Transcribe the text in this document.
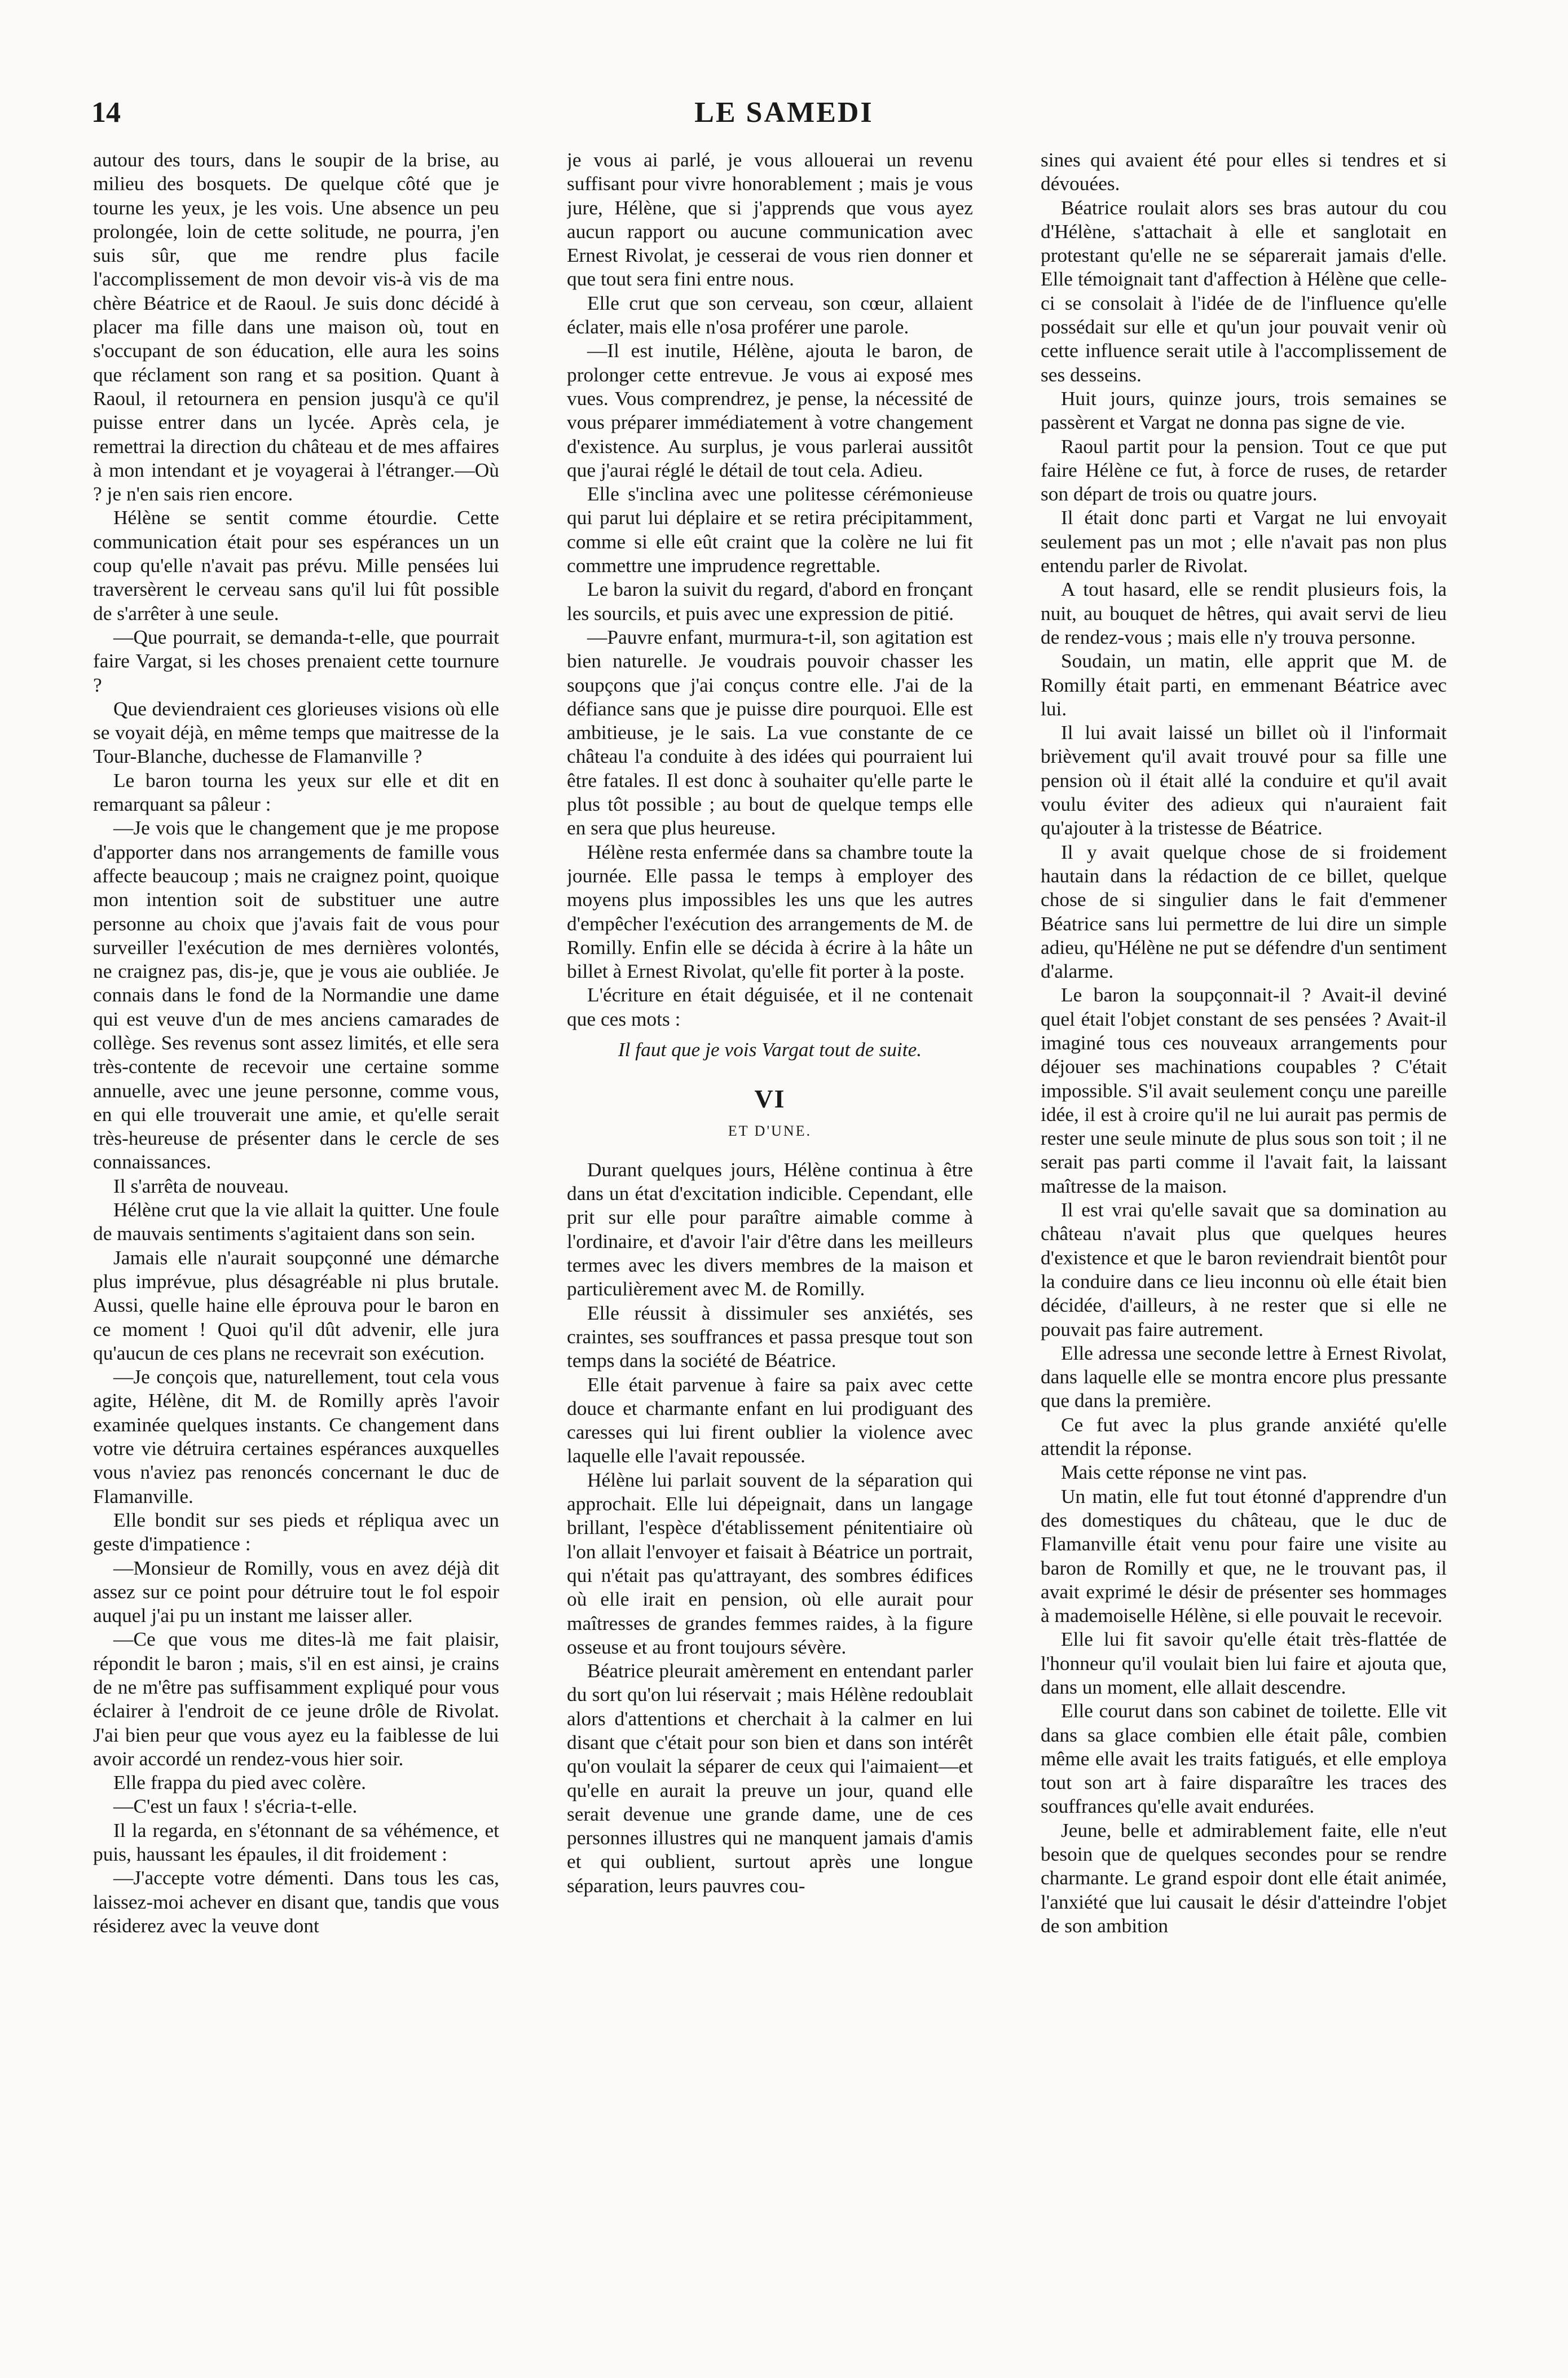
14	LE SAMEDI

autour des tours, dans le soupir de la brise, au milieu des bosquets. De quelque côté que je tourne les yeux, je les vois. Une absence un peu prolongée, loin de cette solitude, ne pourra, j'en suis sûr, que me rendre plus facile l'accomplissement de mon devoir vis-à vis de ma chère Béatrice et de Raoul. Je suis donc décidé à placer ma fille dans une maison où, tout en s'occupant de son éducation, elle aura les soins que réclament son rang et sa position. Quant à Raoul, il retournera en pension jusqu'à ce qu'il puisse entrer dans un lycée. Après cela, je remettrai la direction du château et de mes affaires à mon intendant et je voyagerai à l'étranger.—Où ? je n'en sais rien encore.

Hélène se sentit comme étourdie. Cette communication était pour ses espérances un un coup qu'elle n'avait pas prévu. Mille pensées lui traversèrent le cerveau sans qu'il lui fût possible de s'arrêter à une seule.

—Que pourrait, se demanda-t-elle, que pourrait faire Vargat, si les choses prenaient cette tournure ?

Que deviendraient ces glorieuses visions où elle se voyait déjà, en même temps que maitresse de la Tour-Blanche, duchesse de Flamanville ?

Le baron tourna les yeux sur elle et dit en remarquant sa pâleur :

—Je vois que le changement que je me propose d'apporter dans nos arrangements de famille vous affecte beaucoup ; mais ne craignez point, quoique mon intention soit de substituer une autre personne au choix que j'avais fait de vous pour surveiller l'exécution de mes dernières volontés, ne craignez pas, dis-je, que je vous aie oubliée. Je connais dans le fond de la Normandie une dame qui est veuve d'un de mes anciens camarades de collège. Ses revenus sont assez limités, et elle sera très-contente de recevoir une certaine somme annuelle, avec une jeune personne, comme vous, en qui elle trouverait une amie, et qu'elle serait très-heureuse de présenter dans le cercle de ses connaissances.

Il s'arrêta de nouveau.

Hélène crut que la vie allait la quitter. Une foule de mauvais sentiments s'agitaient dans son sein.

Jamais elle n'aurait soupçonné une démarche plus imprévue, plus désagréable ni plus brutale. Aussi, quelle haine elle éprouva pour le baron en ce moment ! Quoi qu'il dût advenir, elle jura qu'aucun de ces plans ne recevrait son exécution.

—Je conçois que, naturellement, tout cela vous agite, Hélène, dit M. de Romilly après l'avoir examinée quelques instants. Ce changement dans votre vie détruira certaines espérances auxquelles vous n'aviez pas renoncés concernant le duc de Flamanville.

Elle bondit sur ses pieds et répliqua avec un geste d'impatience :

—Monsieur de Romilly, vous en avez déjà dit assez sur ce point pour détruire tout le fol espoir auquel j'ai pu un instant me laisser aller.

—Ce que vous me dites-là me fait plaisir, répondit le baron ; mais, s'il en est ainsi, je crains de ne m'être pas suffisamment expliqué pour vous éclairer à l'endroit de ce jeune drôle de Rivolat. J'ai bien peur que vous ayez eu la faiblesse de lui avoir accordé un rendez-vous hier soir.

Elle frappa du pied avec colère.

—C'est un faux ! s'écria-t-elle.

Il la regarda, en s'étonnant de sa véhémence, et puis, haussant les épaules, il dit froidement :

—J'accepte votre démenti. Dans tous les cas, laissez-moi achever en disant que, tandis que vous résiderez avec la veuve dont

je vous ai parlé, je vous allouerai un revenu suffisant pour vivre honorablement ; mais je vous jure, Hélène, que si j'apprends que vous ayez aucun rapport ou aucune communication avec Ernest Rivolat, je cesserai de vous rien donner et que tout sera fini entre nous.

Elle crut que son cerveau, son cœur, allaient éclater, mais elle n'osa proférer une parole.

—Il est inutile, Hélène, ajouta le baron, de prolonger cette entrevue. Je vous ai exposé mes vues. Vous comprendrez, je pense, la nécessité de vous préparer immédiatement à votre changement d'existence. Au surplus, je vous parlerai aussitôt que j'aurai réglé le détail de tout cela. Adieu.

Elle s'inclina avec une politesse cérémonieuse qui parut lui déplaire et se retira précipitamment, comme si elle eût craint que la colère ne lui fit commettre une imprudence regrettable.

Le baron la suivit du regard, d'abord en fronçant les sourcils, et puis avec une expression de pitié.

—Pauvre enfant, murmura-t-il, son agitation est bien naturelle. Je voudrais pouvoir chasser les soupçons que j'ai conçus contre elle. J'ai de la défiance sans que je puisse dire pourquoi. Elle est ambitieuse, je le sais. La vue constante de ce château l'a conduite à des idées qui pourraient lui être fatales. Il est donc à souhaiter qu'elle parte le plus tôt possible ; au bout de quelque temps elle en sera que plus heureuse.

Hélène resta enfermée dans sa chambre toute la journée. Elle passa le temps à employer des moyens plus impossibles les uns que les autres d'empêcher l'exécution des arrangements de M. de Romilly. Enfin elle se décida à écrire à la hâte un billet à Ernest Rivolat, qu'elle fit porter à la poste.

L'écriture en était déguisée, et il ne contenait que ces mots :

Il faut que je vois Vargat tout de suite.

VI
ET D'UNE.

Durant quelques jours, Hélène continua à être dans un état d'excitation indicible. Cependant, elle prit sur elle pour paraître aimable comme à l'ordinaire, et d'avoir l'air d'être dans les meilleurs termes avec les divers membres de la maison et particulièrement avec M. de Romilly.

Elle réussit à dissimuler ses anxiétés, ses craintes, ses souffrances et passa presque tout son temps dans la société de Béatrice.

Elle était parvenue à faire sa paix avec cette douce et charmante enfant en lui prodiguant des caresses qui lui firent oublier la violence avec laquelle elle l'avait repoussée.

Hélène lui parlait souvent de la séparation qui approchait. Elle lui dépeignait, dans un langage brillant, l'espèce d'établissement pénitentiaire où l'on allait l'envoyer et faisait à Béatrice un portrait, qui n'était pas qu'attrayant, des sombres édifices où elle irait en pension, où elle aurait pour maîtresses de grandes femmes raides, à la figure osseuse et au front toujours sévère.

Béatrice pleurait amèrement en entendant parler du sort qu'on lui réservait ; mais Hélène redoublait alors d'attentions et cherchait à la calmer en lui disant que c'était pour son bien et dans son intérêt qu'on voulait la séparer de ceux qui l'aimaient—et qu'elle en aurait la preuve un jour, quand elle serait devenue une grande dame, une de ces personnes illustres qui ne manquent jamais d'amis et qui oublient, surtout après une longue séparation, leurs pauvres cou-

sines qui avaient été pour elles si tendres et si dévouées.

Béatrice roulait alors ses bras autour du cou d'Hélène, s'attachait à elle et sanglotait en protestant qu'elle ne se séparerait jamais d'elle. Elle témoignait tant d'affection à Hélène que celle-ci se consolait à l'idée de de l'influence qu'elle possédait sur elle et qu'un jour pouvait venir où cette influence serait utile à l'accomplissement de ses desseins.

Huit jours, quinze jours, trois semaines se passèrent et Vargat ne donna pas signe de vie.

Raoul partit pour la pension. Tout ce que put faire Hélène ce fut, à force de ruses, de retarder son départ de trois ou quatre jours.

Il était donc parti et Vargat ne lui envoyait seulement pas un mot ; elle n'avait pas non plus entendu parler de Rivolat.

A tout hasard, elle se rendit plusieurs fois, la nuit, au bouquet de hêtres, qui avait servi de lieu de rendez-vous ; mais elle n'y trouva personne.

Soudain, un matin, elle apprit que M. de Romilly était parti, en emmenant Béatrice avec lui.

Il lui avait laissé un billet où il l'informait brièvement qu'il avait trouvé pour sa fille une pension où il était allé la conduire et qu'il avait voulu éviter des adieux qui n'auraient fait qu'ajouter à la tristesse de Béatrice.

Il y avait quelque chose de si froidement hautain dans la rédaction de ce billet, quelque chose de si singulier dans le fait d'emmener Béatrice sans lui permettre de lui dire un simple adieu, qu'Hélène ne put se défendre d'un sentiment d'alarme.

Le baron la soupçonnait-il ? Avait-il deviné quel était l'objet constant de ses pensées ? Avait-il imaginé tous ces nouveaux arrangements pour déjouer ses machinations coupables ? C'était impossible. S'il avait seulement conçu une pareille idée, il est à croire qu'il ne lui aurait pas permis de rester une seule minute de plus sous son toit ; il ne serait pas parti comme il l'avait fait, la laissant maîtresse de la maison.

Il est vrai qu'elle savait que sa domination au château n'avait plus que quelques heures d'existence et que le baron reviendrait bientôt pour la conduire dans ce lieu inconnu où elle était bien décidée, d'ailleurs, à ne rester que si elle ne pouvait pas faire autrement.

Elle adressa une seconde lettre à Ernest Rivolat, dans laquelle elle se montra encore plus pressante que dans la première.

Ce fut avec la plus grande anxiété qu'elle attendit la réponse.

Mais cette réponse ne vint pas.

Un matin, elle fut tout étonné d'apprendre d'un des domestiques du château, que le duc de Flamanville était venu pour faire une visite au baron de Romilly et que, ne le trouvant pas, il avait exprimé le désir de présenter ses hommages à mademoiselle Hélène, si elle pouvait le recevoir.

Elle lui fit savoir qu'elle était très-flattée de l'honneur qu'il voulait bien lui faire et ajouta que, dans un moment, elle allait descendre.

Elle courut dans son cabinet de toilette. Elle vit dans sa glace combien elle était pâle, combien même elle avait les traits fatigués, et elle employa tout son art à faire disparaître les traces des souffrances qu'elle avait endurées.

Jeune, belle et admirablement faite, elle n'eut besoin que de quelques secondes pour se rendre charmante. Le grand espoir dont elle était animée, l'anxiété que lui causait le désir d'atteindre l'objet de son ambition
